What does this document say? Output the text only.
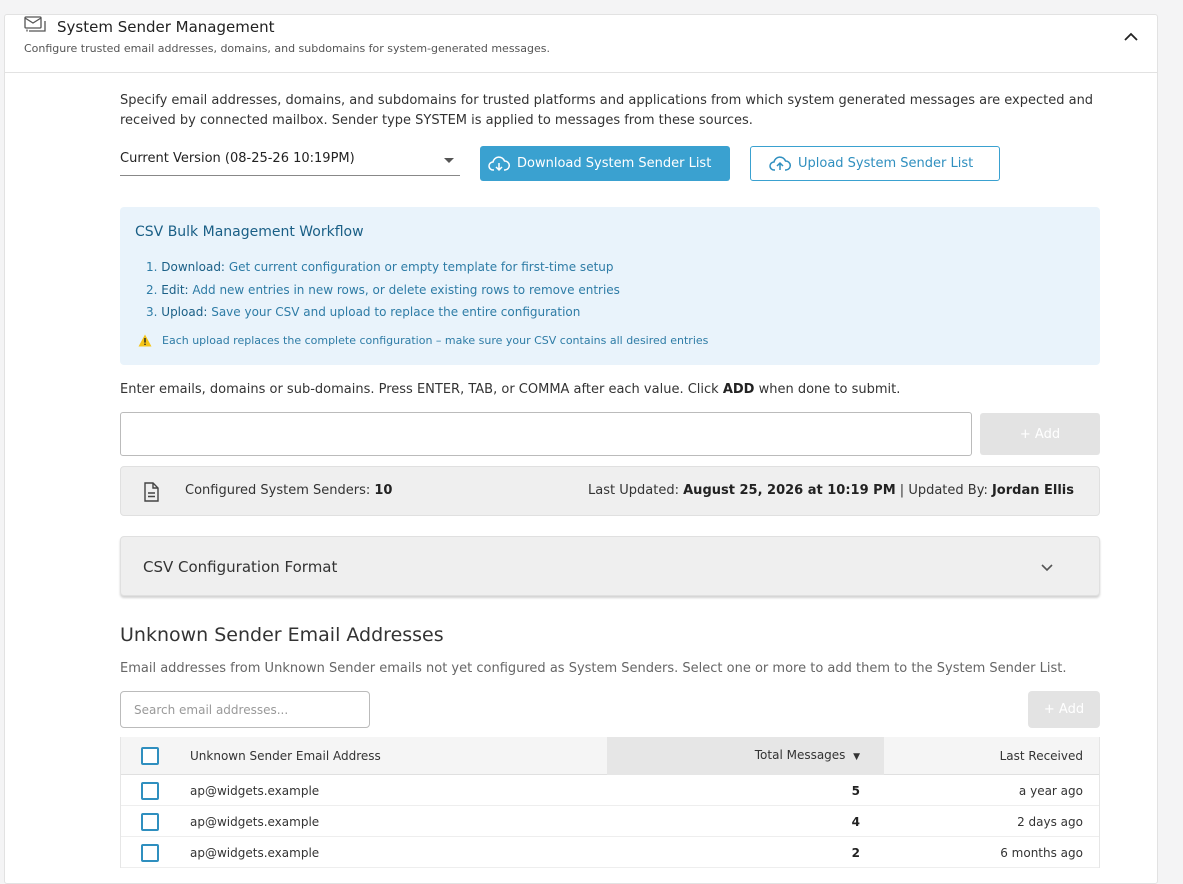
System Sender Management
Configure trusted email addresses, domains, and subdomains for system-generated messages.

Specify email addresses, domains, and subdomains for trusted platforms and applications from which system generated messages are expected and received by connected mailbox. Sender type SYSTEM is applied to messages from these sources.

Current Version (08-25-26 10:19PM)	Download System Sender List	Upload System Sender List
CSV Bulk Management Workflow
1. Download: Get current configuration or empty template for first-time setup
2. Edit: Add new entries in new rows, or delete existing rows to remove entries
3. Upload: Save your CSV and upload to replace the entire configuration
Each upload replaces the complete configuration – make sure your CSV contains all desired entries
Enter emails, domains or sub-domains. Press ENTER, TAB, or COMMA after each value. Click ADD when done to submit.
+ Add
Configured System Senders: 10	Last Updated: August 25, 2026 at 10:19 PM | Updated By: Jordan Ellis
CSV Configuration Format
Unknown Sender Email Addresses
Email addresses from Unknown Sender emails not yet configured as System Senders. Select one or more to add them to the System Sender List.
Search email addresses...
+ Add
Unknown Sender Email Address	Total Messages ▼	Last Received
ap@widgets.example	5	a year ago
ap@widgets.example	4	2 days ago
ap@widgets.example	2	6 months ago
